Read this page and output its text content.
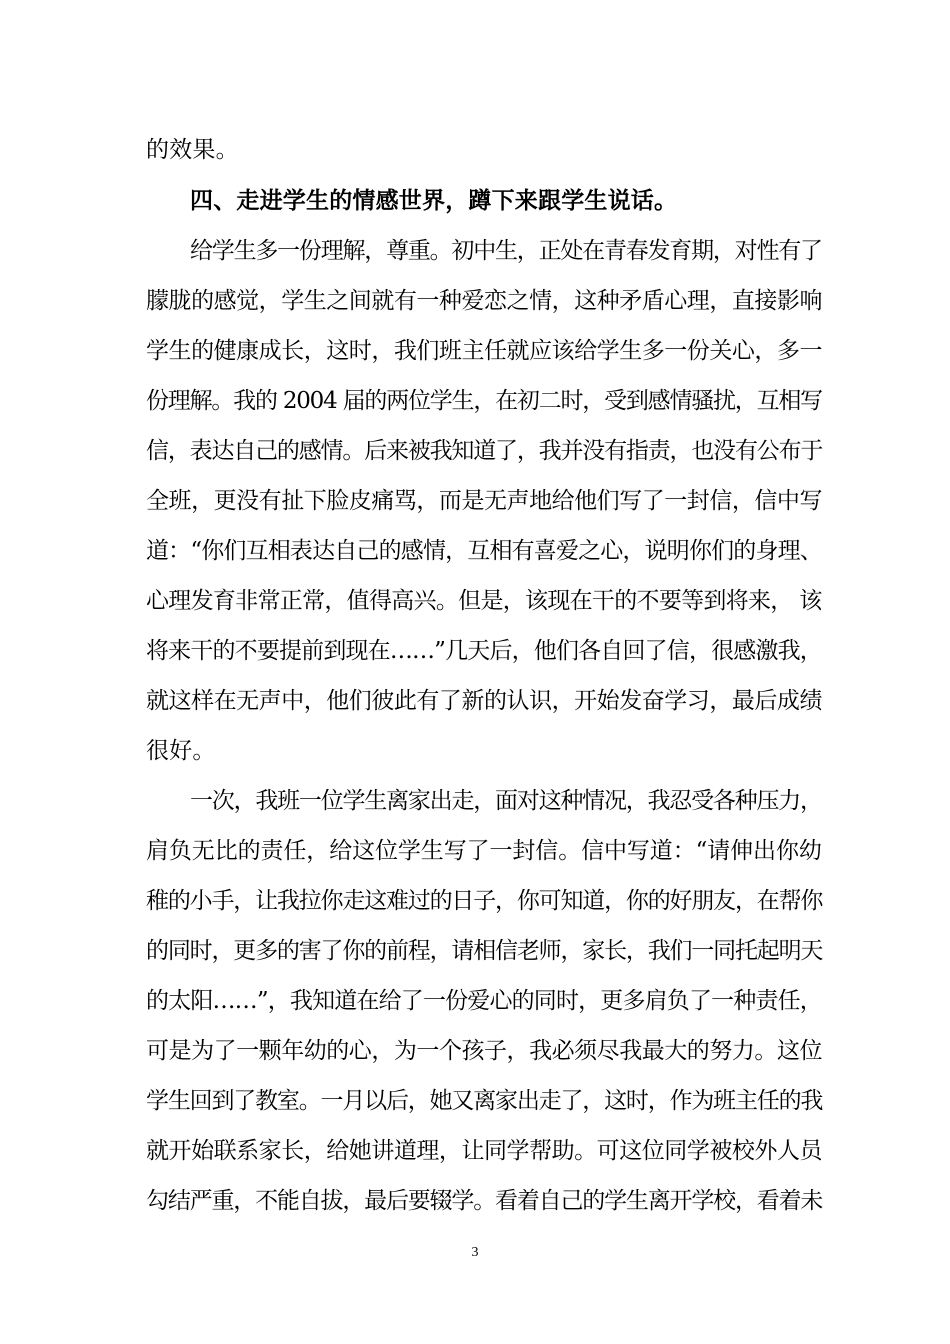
的效果。
四、走进学生的情感世界，蹲下来跟学生说话。
给学生多一份理解，尊重。初中生，正处在青春发育期，对性有了
朦胧的感觉，学生之间就有一种爱恋之情，这种矛盾心理，直接影响
学生的健康成长，这时，我们班主任就应该给学生多一份关心，多一
份理解。我的 2004 届的两位学生，在初二时，受到感情骚扰，互相写
信，表达自己的感情。后来被我知道了，我并没有指责，也没有公布于
全班，更没有扯下脸皮痛骂，而是无声地给他们写了一封信，信中写
道：“你们互相表达自己的感情，互相有喜爱之心，说明你们的身理、
心理发育非常正常，值得高兴。但是，该现在干的不要等到将来， 该
将来干的不要提前到现在……”几天后，他们各自回了信，很感激我，
就这样在无声中，他们彼此有了新的认识，开始发奋学习，最后成绩
很好。
一次，我班一位学生离家出走，面对这种情况，我忍受各种压力，
肩负无比的责任，给这位学生写了一封信。信中写道：“请伸出你幼
稚的小手，让我拉你走这难过的日子，你可知道，你的好朋友，在帮你
的同时，更多的害了你的前程，请相信老师，家长，我们一同托起明天
的太阳……”，我知道在给了一份爱心的同时，更多肩负了一种责任，
可是为了一颗年幼的心，为一个孩子，我必须尽我最大的努力。这位
学生回到了教室。一月以后，她又离家出走了，这时，作为班主任的我
就开始联系家长，给她讲道理，让同学帮助。可这位同学被校外人员
勾结严重，不能自拔，最后要辍学。看着自己的学生离开学校，看着未
3
